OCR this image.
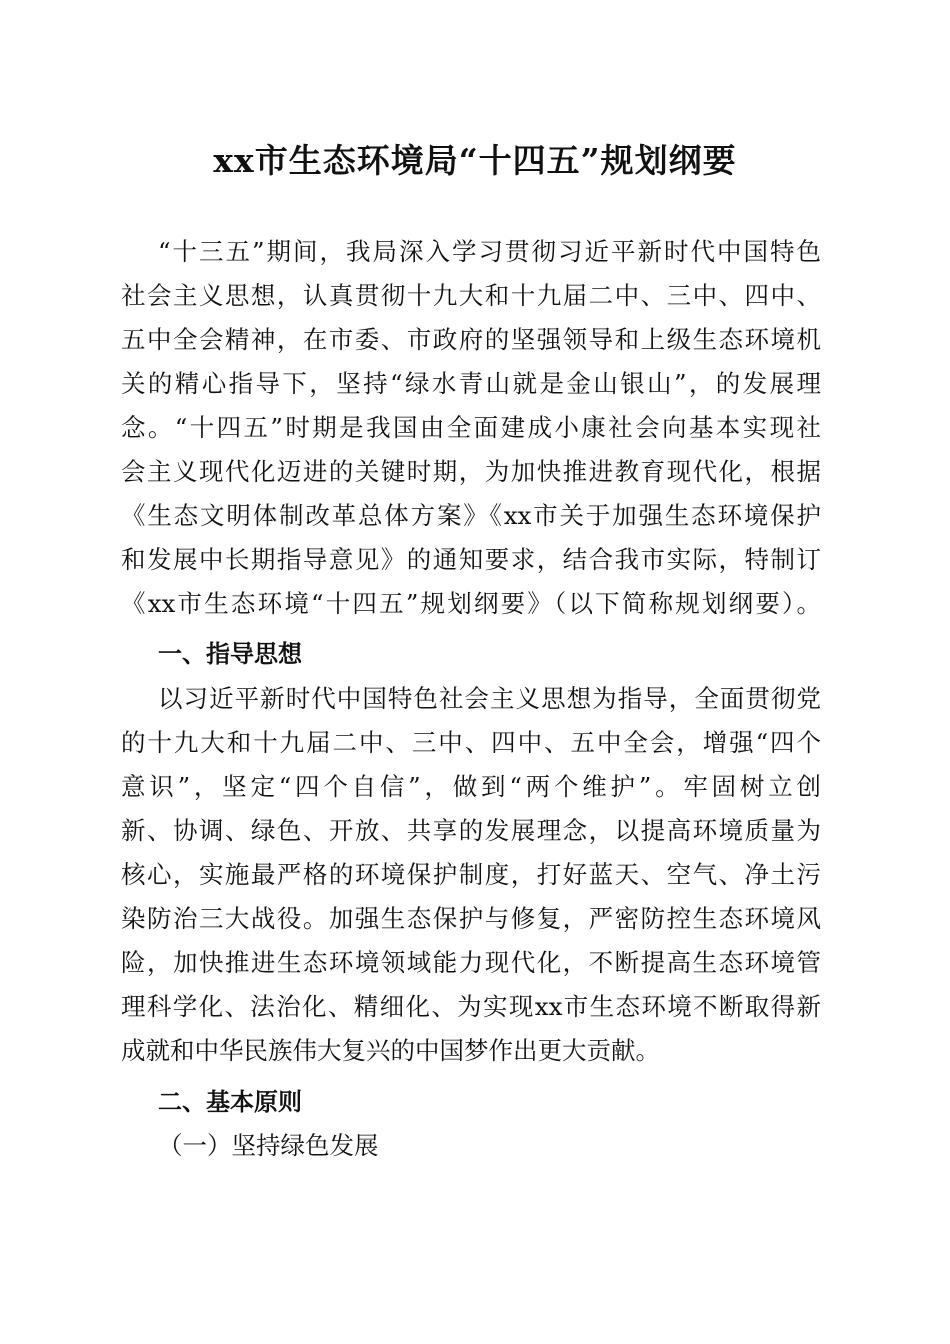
xx市生态环境局“十四五”规划纲要
“十三五”期间，我局深入学习贯彻习近平新时代中国特色
社会主义思想，认真贯彻十九大和十九届二中、三中、四中、
五中全会精神，在市委、市政府的坚强领导和上级生态环境机
关的精心指导下，坚持“绿水青山就是金山银山”，的发展理
念。“十四五”时期是我国由全面建成小康社会向基本实现社
会主义现代化迈进的关键时期，为加快推进教育现代化，根据
《生态文明体制改革总体方案》《xx市关于加强生态环境保护
和发展中长期指导意见》的通知要求，结合我市实际，特制订
《xx市生态环境“十四五”规划纲要》（以下简称规划纲要）。
一、指导思想
以习近平新时代中国特色社会主义思想为指导，全面贯彻党
的十九大和十九届二中、三中、四中、五中全会，增强“四个
意识”，坚定“四个自信”，做到“两个维护”。牢固树立创
新、协调、绿色、开放、共享的发展理念，以提高环境质量为
核心，实施最严格的环境保护制度，打好蓝天、空气、净土污
染防治三大战役。加强生态保护与修复，严密防控生态环境风
险，加快推进生态环境领域能力现代化，不断提高生态环境管
理科学化、法治化、精细化、为实现xx市生态环境不断取得新
成就和中华民族伟大复兴的中国梦作出更大贡献。
二、基本原则
（一）坚持绿色发展
